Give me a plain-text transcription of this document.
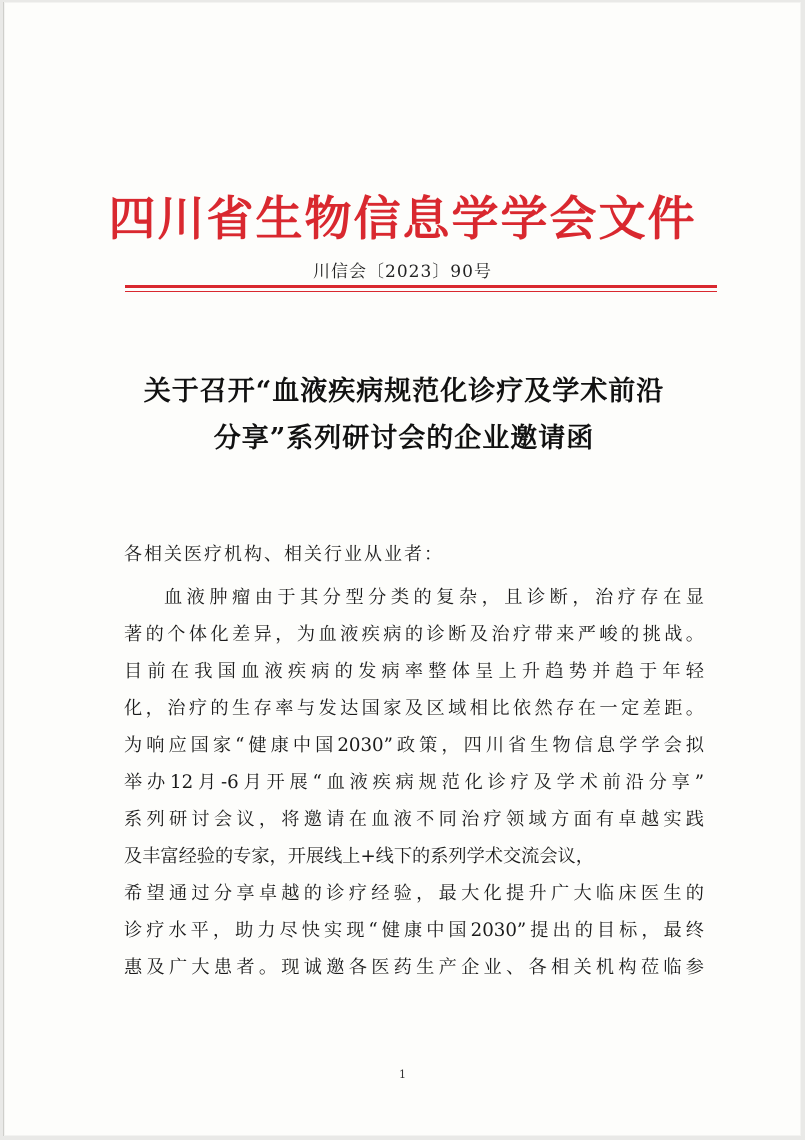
四川省生物信息学学会文件
川信会〔2023〕90号
关于召开“血液疾病规范化诊疗及学术前沿
分享”系列研讨会的企业邀请函
各相关医疗机构、相关行业从业者：
血液肿瘤由于其分型分类的复杂，且诊断，治疗存在显
著的个体化差异，为血液疾病的诊断及治疗带来严峻的挑战。
目前在我国血液疾病的发病率整体呈上升趋势并趋于年轻
化，治疗的生存率与发达国家及区域相比依然存在一定差距。
为响应国家“健康中国2030”政策，四川省生物信息学学会拟
举办12月-6月开展“血液疾病规范化诊疗及学术前沿分享”
系列研讨会议，将邀请在血液不同治疗领域方面有卓越实践
及丰富经验的专家，开展线上+线下的系列学术交流会议，
希望通过分享卓越的诊疗经验，最大化提升广大临床医生的
诊疗水平，助力尽快实现“健康中国2030”提出的目标，最终
惠及广大患者。现诚邀各医药生产企业、各相关机构莅临参
1
